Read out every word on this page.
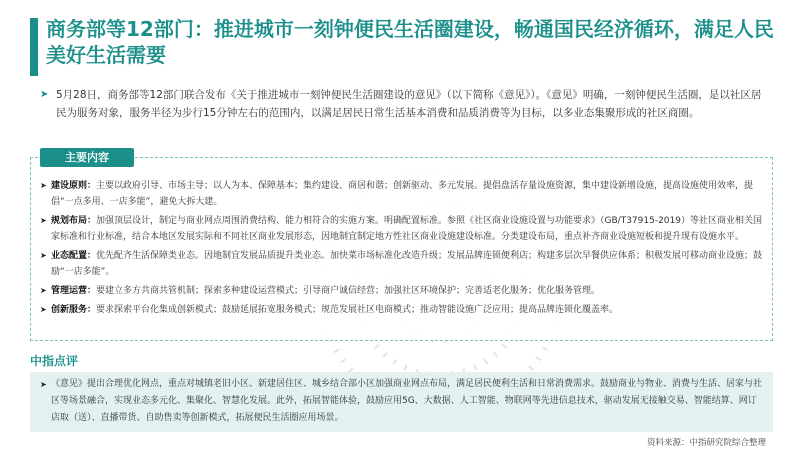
商务部等12部门：推进城市一刻钟便民生活圈建设，畅通国民经济循环，满足人民美好生活需要
➤ 5月28日，商务部等12部门联合发布《关于推进城市一刻钟便民生活圈建设的意见》（以下简称《意见》）。《意见》明确，一刻钟便民生活圈，是以社区居民为服务对象，服务半径为步行15分钟左右的范围内，以满足居民日常生活基本消费和品质消费等为目标，以多业态集聚形成的社区商圈。
主要内容
➤ 建设原则：主要以政府引导、市场主导；以人为本、保障基本；集约建设、商居和谐；创新驱动、多元发展。提倡盘活存量设施资源，集中建设新增设施，提高设施使用效率，提倡“一点多用、一店多能”，避免大拆大建。
➤ 规划布局：加强顶层设计，制定与商业网点周围消费结构、能力相符合的实施方案。明确配置标准。参照《社区商业设施设置与功能要求》（GB/T37915-2019）等社区商业相关国家标准和行业标准，结合本地区发展实际和不同社区商业发展形态，因地制宜制定地方性社区商业设施建设标准。分类建设布局，重点补齐商业设施短板和提升现有设施水平。
➤ 业态配置：优先配齐生活保障类业态。因地制宜发展品质提升类业态。加快菜市场标准化改造升级；发展品牌连锁便利店；构建多层次早餐供应体系；积极发展可移动商业设施；鼓励“一店多能”。
➤ 管理运营：要建立多方共商共管机制；探索多种建设运营模式；引导商户诚信经营；加强社区环境保护；完善适老化服务；优化服务管理。
➤ 创新服务：要求探索平台化集成创新模式；鼓励延展拓宽服务模式；规范发展社区电商模式；推动智能设施广泛应用；提高品牌连锁化覆盖率。
中指点评
➤ 《意见》提出合理优化网点，重点对城镇老旧小区、新建居住区、城乡结合部小区加强商业网点布局，满足居民便利生活和日常消费需求。鼓励商业与物业、消费与生活、居家与社区等场景融合，实现业态多元化、集聚化、智慧化发展。此外，拓展智能体验，鼓励应用5G、大数据、人工智能、物联网等先进信息技术，驱动发展无接触交易、智能结算、网订店取（送）、直播带货、自助售卖等创新模式，拓展便民生活圈应用场景。
资料来源：中指研究院综合整理
